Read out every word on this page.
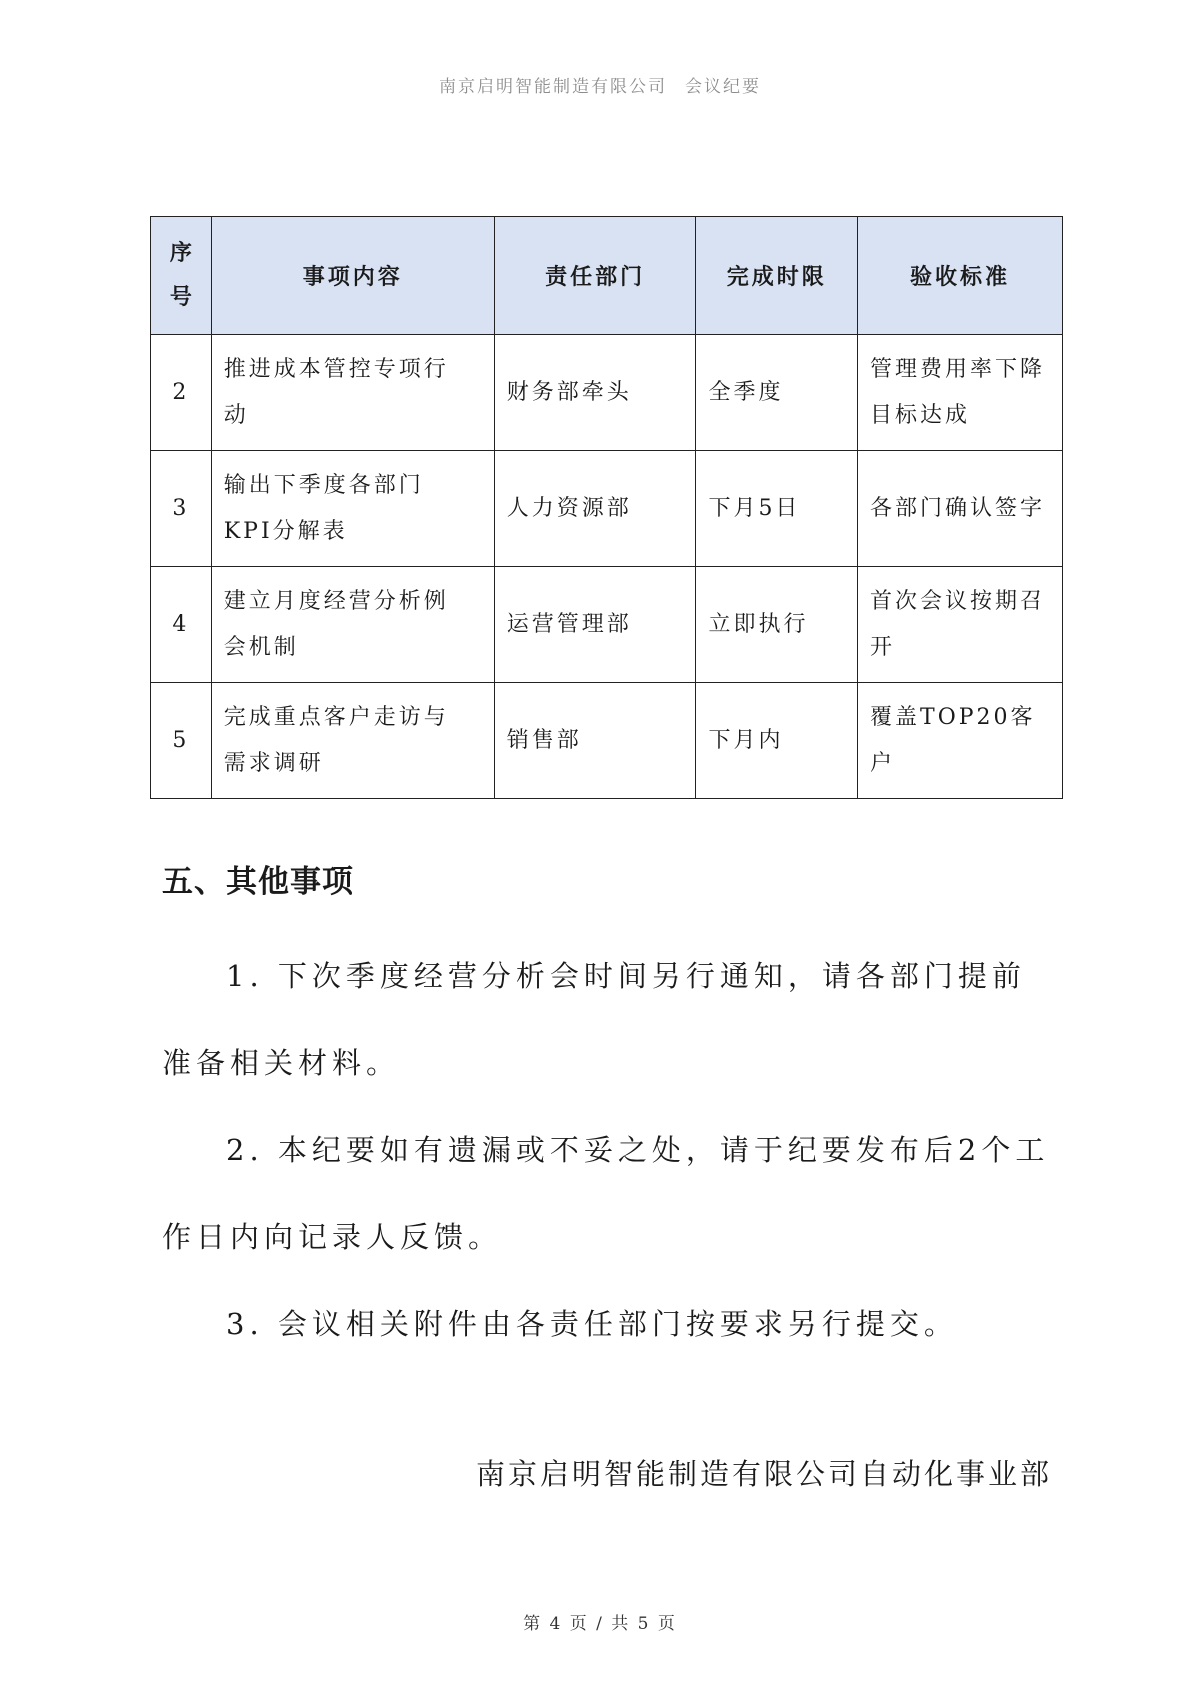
南京启明智能制造有限公司 会议纪要
序号	事项内容	责任部门	完成时限	验收标准
2	推进成本管控专项行动	财务部牵头	全季度	管理费用率下降目标达成
3	输出下季度各部门KPI分解表	人力资源部	下月5日	各部门确认签字
4	建立月度经营分析例会机制	运营管理部	立即执行	首次会议按期召开
5	完成重点客户走访与需求调研	销售部	下月内	覆盖TOP20客户
五、其他事项

1. 下次季度经营分析会时间另行通知，请各部门提前准备相关材料。

2. 本纪要如有遗漏或不妥之处，请于纪要发布后2个工作日内向记录人反馈。

3. 会议相关附件由各责任部门按要求另行提交。

南京启明智能制造有限公司自动化事业部

第 4 页 / 共 5 页
